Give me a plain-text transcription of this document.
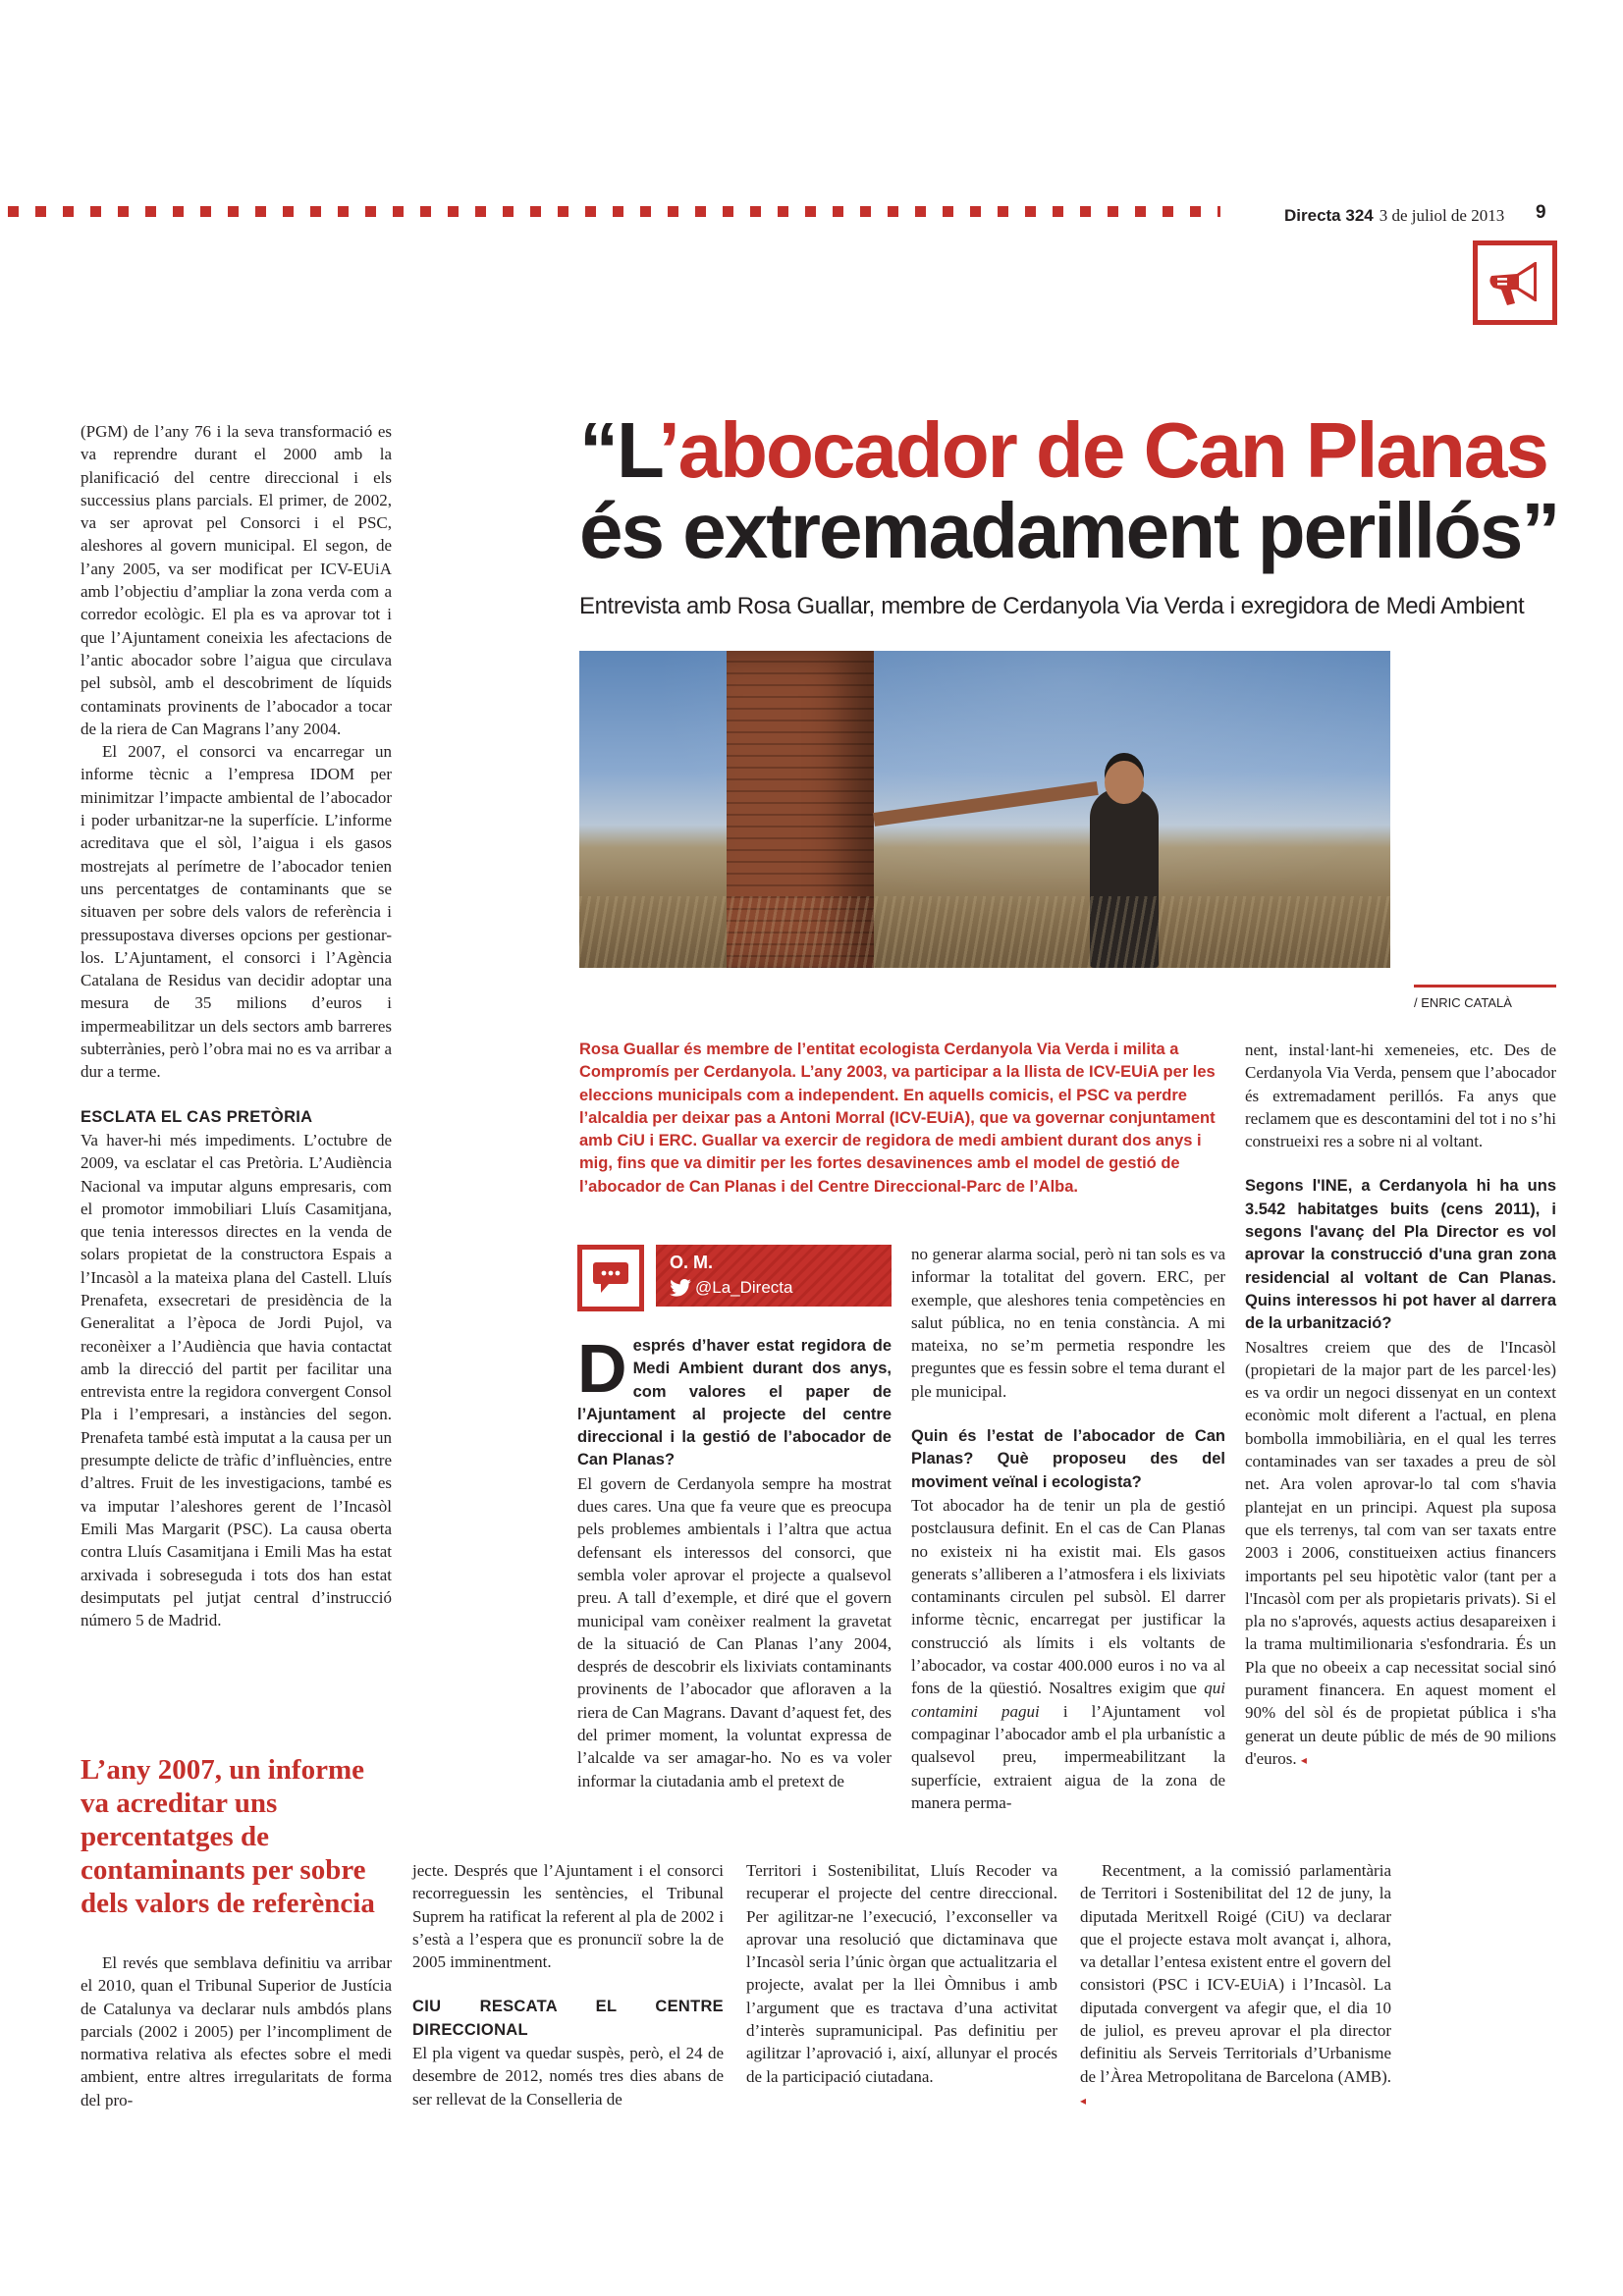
Directa 324 3 de juliol de 2013 9

(PGM) de l’any 76 i la seva transformació es va reprendre durant el 2000 amb la planificació del centre direccional i els successius plans parcials. El primer, de 2002, va ser aprovat pel Consorci i el PSC, aleshores al govern municipal. El segon, de l’any 2005, va ser modificat per ICV-EUiA amb l’objectiu d’ampliar la zona verda com a corredor ecològic. El pla es va aprovar tot i que l’Ajuntament coneixia les afectacions de l’antic abocador sobre l’aigua que circulava pel subsòl, amb el descobriment de líquids contaminats provinents de l’abocador a tocar de la riera de Can Magrans l’any 2004.

El 2007, el consorci va encarregar un informe tècnic a l’empresa IDOM per minimitzar l’impacte ambiental de l’abocador i poder urbanitzar-ne la superfície. L’informe acreditava que el sòl, l’aigua i els gasos mostrejats al perímetre de l’abocador tenien uns percentatges de contaminants que se situaven per sobre dels valors de referència i pressupostava diverses opcions per gestionar-los. L’Ajuntament, el consorci i l’Agència Catalana de Residus van decidir adoptar una mesura de 35 milions d’euros i impermeabilitzar un dels sectors amb barreres subterrànies, però l’obra mai no es va arribar a dur a terme.

ESCLATA EL CAS PRETÒRIA

Va haver-hi més impediments. L’octubre de 2009, va esclatar el cas Pretòria. L’Audiència Nacional va imputar alguns empresaris, com el promotor immobiliari Lluís Casamitjana, que tenia interessos directes en la venda de solars propietat de la constructora Espais a l’Incasòl a la mateixa plana del Castell. Lluís Prenafeta, exsecretari de presidència de la Generalitat a l’època de Jordi Pujol, va reconèixer a l’Audiència que havia contactat amb la direcció del partit per facilitar una entrevista entre la regidora convergent Consol Pla i l’empresari, a instàncies del segon. Prenafeta també està imputat a la causa per un presumpte delicte de tràfic d’influències, entre d’altres. Fruit de les investigacions, també es va imputar l’aleshores gerent de l’Incasòl Emili Mas Margarit (PSC). La causa oberta contra Lluís Casamitjana i Emili Mas ha estat arxivada i sobreseguda i tots dos han estat desimputats pel jutjat central d’instrucció número 5 de Madrid.

L’any 2007, un informe va acreditar uns percentatges de contaminants per sobre dels valors de referència

El revés que semblava definitiu va arribar el 2010, quan el Tribunal Superior de Justícia de Catalunya va declarar nuls ambdós plans parcials (2002 i 2005) per l’incompliment de normativa relativa als efectes sobre el medi ambient, entre altres irregularitats de forma del pro-

jecte. Després que l’Ajuntament i el consorci recorreguessin les sentències, el Tribunal Suprem ha ratificat la referent al pla de 2002 i s’està a l’espera que es pronunciï sobre la de 2005 imminentment.

CIU RESCATA EL CENTRE DIRECCIONAL

El pla vigent va quedar suspès, però, el 24 de desembre de 2012, només tres dies abans de ser rellevat de la Conselleria de

Territori i Sostenibilitat, Lluís Recoder va recuperar el projecte del centre direccional. Per agilitzar-ne l’execució, l’exconseller va aprovar una resolució que dictaminava que l’Incasòl seria l’únic òrgan que actualitzaria el projecte, avalat per la llei Òmnibus i amb l’argument que es tractava d’una activitat d’interès supramunicipal. Pas definitiu per agilitzar l’aprovació i, així, allunyar el procés de la participació ciutadana.

Recentment, a la comissió parlamentària de Territori i Sostenibilitat del 12 de juny, la diputada Meritxell Roigé (CiU) va declarar que el projecte estava molt avançat i, alhora, va detallar l’entesa existent entre el govern del consistori (PSC i ICV-EUiA) i l’Incasòl. La diputada convergent va afegir que, el dia 10 de juliol, es preveu aprovar el pla director definitiu als Serveis Territorials d’Urbanisme de l’Àrea Metropolitana de Barcelona (AMB). ◂

“L’abocador de Can Planas
és extremadament perillós”
Entrevista amb Rosa Guallar, membre de Cerdanyola Via Verda i exregidora de Medi Ambient
/ ENRIC CATALÀ
Rosa Guallar és membre de l’entitat ecologista Cerdanyola Via Verda i milita a Compromís per Cerdanyola. L’any 2003, va participar a la llista de ICV-EUiA per les eleccions municipals com a independent. En aquells comicis, el PSC va perdre l’alcaldia per deixar pas a Antoni Morral (ICV-EUiA), que va governar conjuntament amb CiU i ERC. Guallar va exercir de regidora de medi ambient durant dos anys i mig, fins que va dimitir per les fortes desavinences amb el model de gestió de l’abocador de Can Planas i del Centre Direccional-Parc de l’Alba.
O. M.
@La_Directa

Després d’haver estat regidora de Medi Ambient durant dos anys, com valores el paper de l’Ajuntament al projecte del centre direccional i la gestió de l’abocador de Can Planas?

El govern de Cerdanyola sempre ha mostrat dues cares. Una que fa veure que es preocupa pels problemes ambientals i l’altra que actua defensant els interessos del consorci, que sembla voler aprovar el projecte a qualsevol preu. A tall d’exemple, et diré que el govern municipal vam conèixer realment la gravetat de la situació de Can Planas l’any 2004, després de descobrir els lixiviats contaminants provinents de l’abocador que afloraven a la riera de Can Magrans. Davant d’aquest fet, des del primer moment, la voluntat expressa de l’alcalde va ser amagar-ho. No es va voler informar la ciutadania amb el pretext de

no generar alarma social, però ni tan sols es va informar la totalitat del govern. ERC, per exemple, que aleshores tenia competències en salut pública, no en tenia constància. A mi mateixa, no se’m permetia respondre les preguntes que es fessin sobre el tema durant el ple municipal.

Quin és l’estat de l’abocador de Can Planas? Què proposeu des del moviment veïnal i ecologista?

Tot abocador ha de tenir un pla de gestió postclausura definit. En el cas de Can Planas no existeix ni ha existit mai. Els gasos generats s’alliberen a l’atmosfera i els lixiviats contaminants circulen pel subsòl. El darrer informe tècnic, encarregat per justificar la construcció als límits i els voltants de l’abocador, va costar 400.000 euros i no va al fons de la qüestió. Nosaltres exigim que qui contamini pagui i l’Ajuntament vol compaginar l’abocador amb el pla urbanístic a qualsevol preu, impermeabilitzant la superfície, extraient aigua de la zona de manera perma-

nent, instal·lant-hi xemeneies, etc. Des de Cerdanyola Via Verda, pensem que l’abocador és extremadament perillós. Fa anys que reclamem que es descontamini del tot i no s’hi construeixi res a sobre ni al voltant.

Segons l'INE, a Cerdanyola hi ha uns 3.542 habitatges buits (cens 2011), i segons l'avanç del Pla Director es vol aprovar la construcció d'una gran zona residencial al voltant de Can Planas. Quins interessos hi pot haver al darrera de la urbanització?

Nosaltres creiem que des de l'Incasòl (propietari de la major part de les parcel·les) es va ordir un negoci dissenyat en un context econòmic molt diferent a l'actual, en plena bombolla immobiliària, en el qual les terres contaminades van ser taxades a preu de sòl net. Ara volen aprovar-lo tal com s'havia plantejat en un principi. Aquest pla suposa que els terrenys, tal com van ser taxats entre 2003 i 2006, constitueixen actius financers importants pel seu hipotètic valor (tant per a l'Incasòl com per als propietaris privats). Si el pla no s'aprovés, aquests actius desapareixen i la trama multimilionaria s'esfondraria. És un Pla que no obeeix a cap necessitat social sinó purament financera. En aquest moment el 90% del sòl és de propietat pública i s'ha generat un deute públic de més de 90 milions d'euros. ◂
